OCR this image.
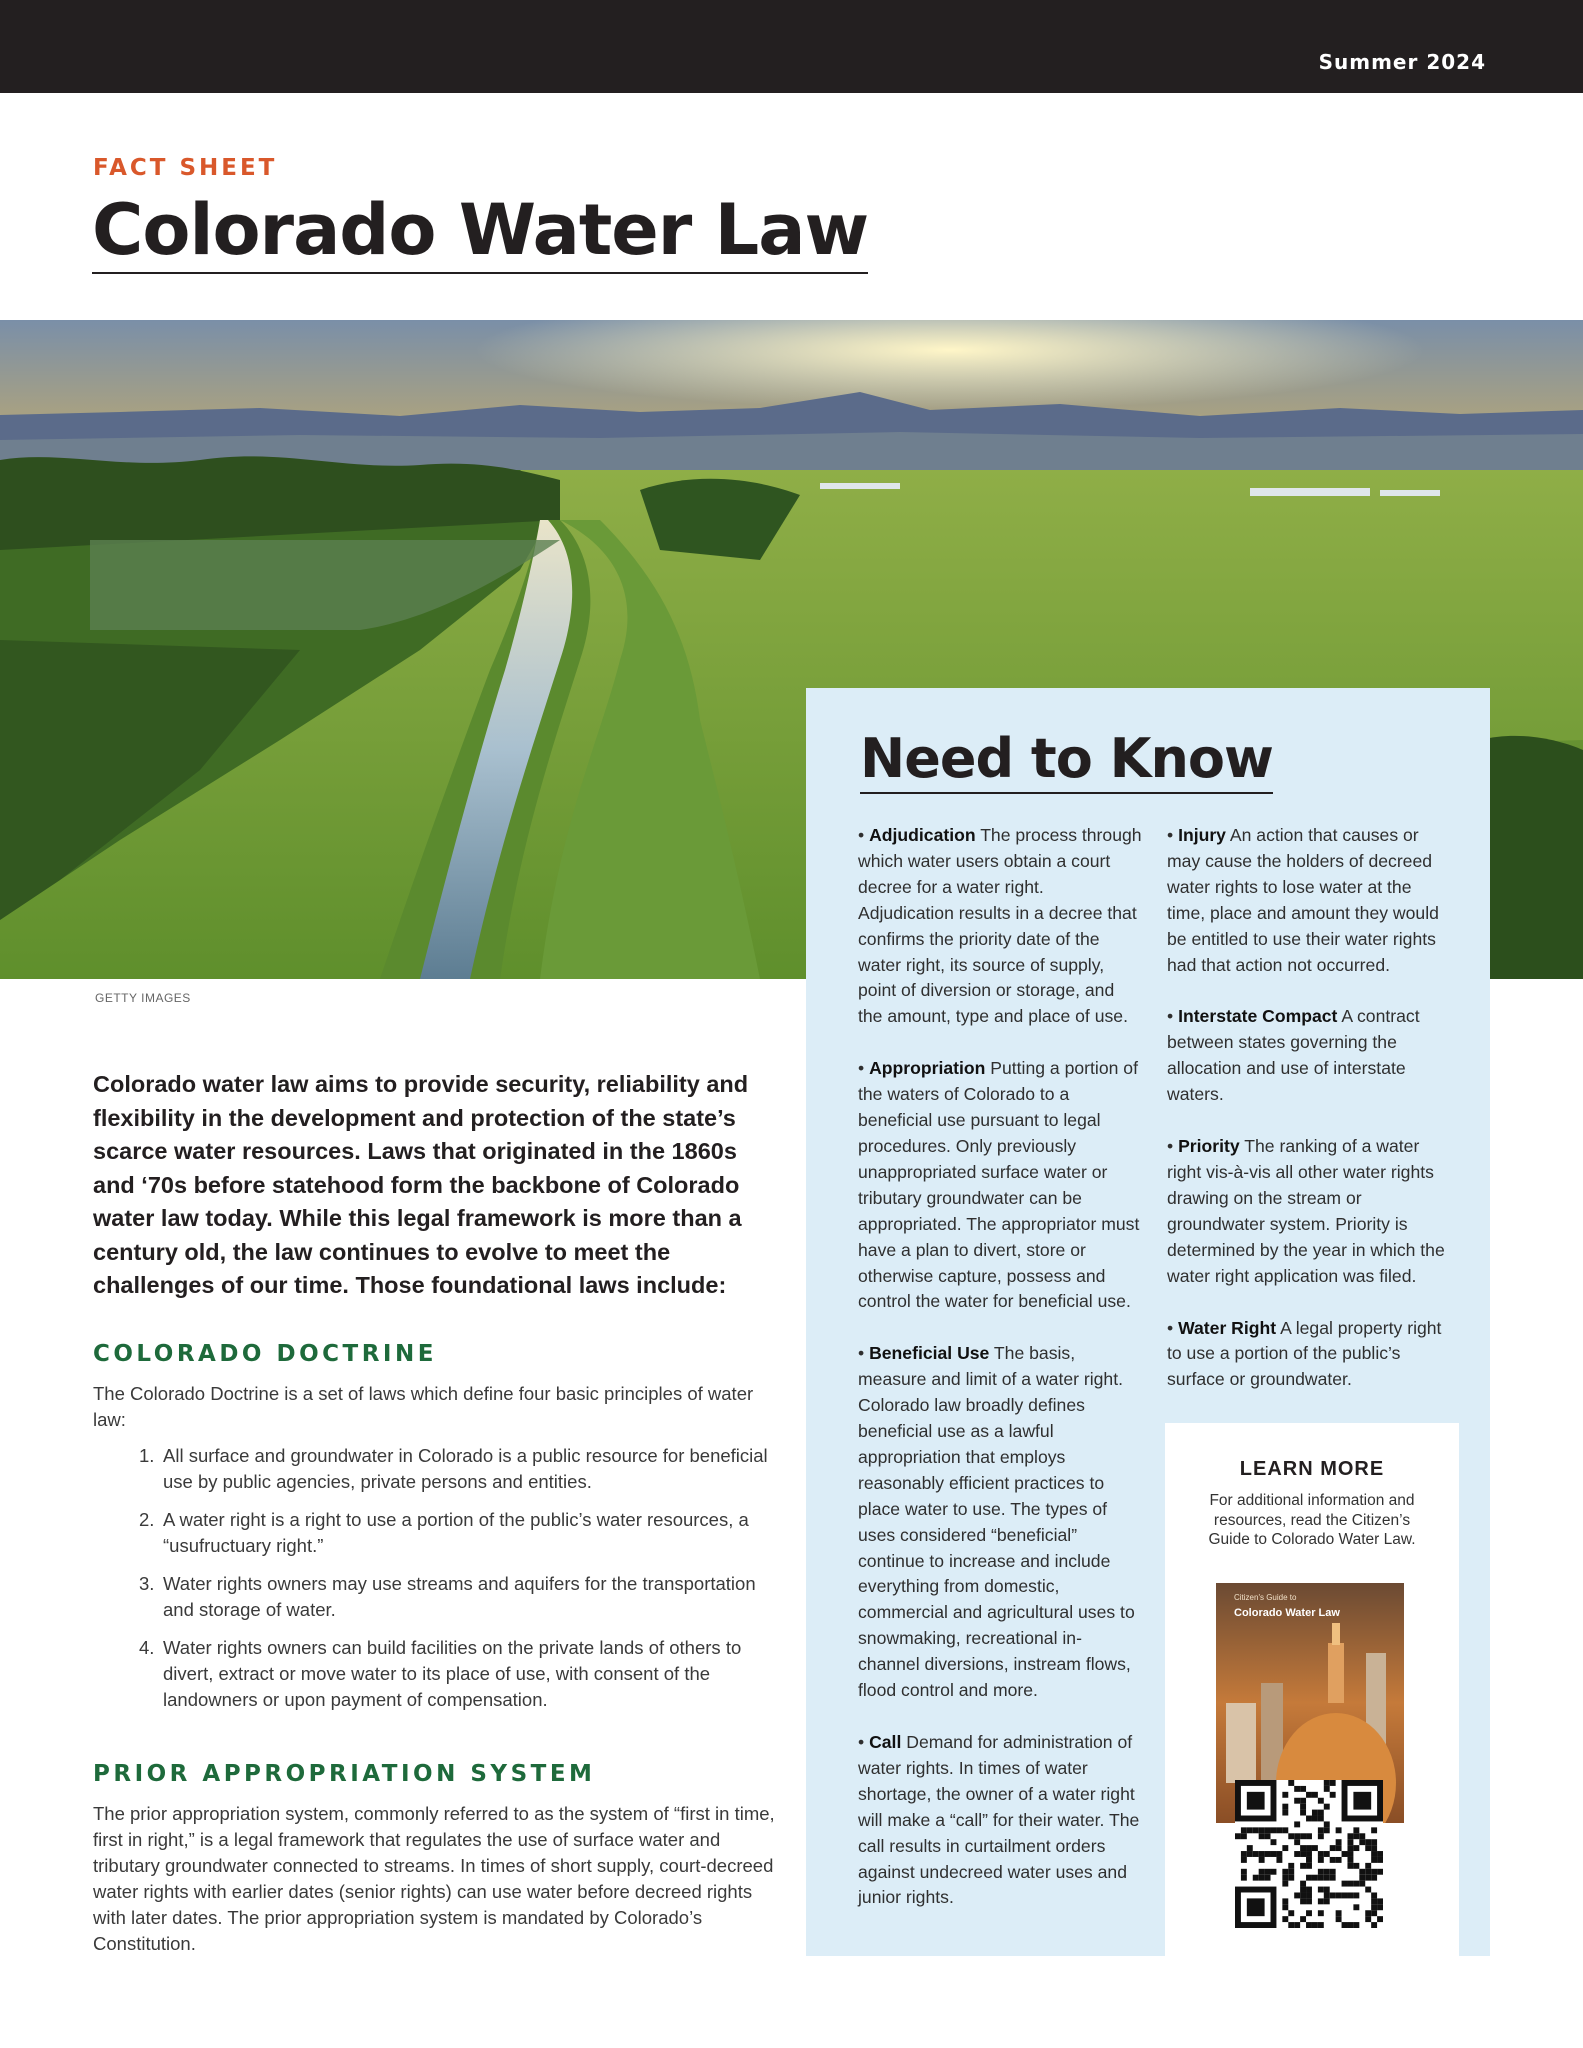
Summer 2024
FACT SHEET
Colorado Water Law
GETTY IMAGES

Colorado water law aims to provide security, reliability and flexibility in the development and protection of the state’s scarce water resources. Laws that originated in the 1860s and ‘70s before statehood form the backbone of Colorado water law today. While this legal framework is more than a century old, the law continues to evolve to meet the challenges of our time. Those foundational laws include:

COLORADO DOCTRINE

The Colorado Doctrine is a set of laws which define four basic principles of water law:

1. All surface and groundwater in Colorado is a public resource for beneficial use by public agencies, private persons and entities.
2. A water right is a right to use a portion of the public’s water resources, a “usufructuary right.”
3. Water rights owners may use streams and aquifers for the transportation and storage of water.
4. Water rights owners can build facilities on the private lands of others to divert, extract or move water to its place of use, with consent of the landowners or upon payment of compensation.
PRIOR APPROPRIATION SYSTEM

The prior appropriation system, commonly referred to as the system of “first in time, first in right,” is a legal framework that regulates the use of surface water and tributary groundwater connected to streams. In times of short supply, court-decreed water rights with earlier dates (senior rights) can use water before decreed rights with later dates. The prior appropriation system is mandated by Colorado’s Constitution.

Need to Know

• Adjudication The process through which water users obtain a court decree for a water right. Adjudication results in a decree that confirms the priority date of the water right, its source of supply, point of diversion or storage, and the amount, type and place of use.

• Appropriation Putting a portion of the waters of Colorado to a beneficial use pursuant to legal procedures. Only previously unappropriated surface water or tributary groundwater can be appropriated. The appropriator must have a plan to divert, store or otherwise capture, possess and control the water for beneficial use.

• Beneficial Use The basis, measure and limit of a water right. Colorado law broadly defines beneficial use as a lawful appropriation that employs reasonably efficient practices to place water to use. The types of uses considered “beneficial” continue to increase and include everything from domestic, commercial and agricultural uses to snowmaking, recreational in-channel diversions, instream flows, flood control and more.

• Call Demand for administration of water rights. In times of water shortage, the owner of a water right will make a “call” for their water. The call results in curtailment orders against undecreed water uses and junior rights.

• Injury An action that causes or may cause the holders of decreed water rights to lose water at the time, place and amount they would be entitled to use their water rights had that action not occurred.

• Interstate Compact A contract between states governing the allocation and use of interstate waters.

• Priority The ranking of a water right vis-à-vis all other water rights drawing on the stream or groundwater system. Priority is determined by the year in which the water right application was filed.

• Water Right A legal property right to use a portion of the public’s surface or groundwater.

LEARN MORE

For additional information and resources, read the Citizen’s Guide to Colorado Water Law.

Citizen's Guide to
Colorado Water Law
